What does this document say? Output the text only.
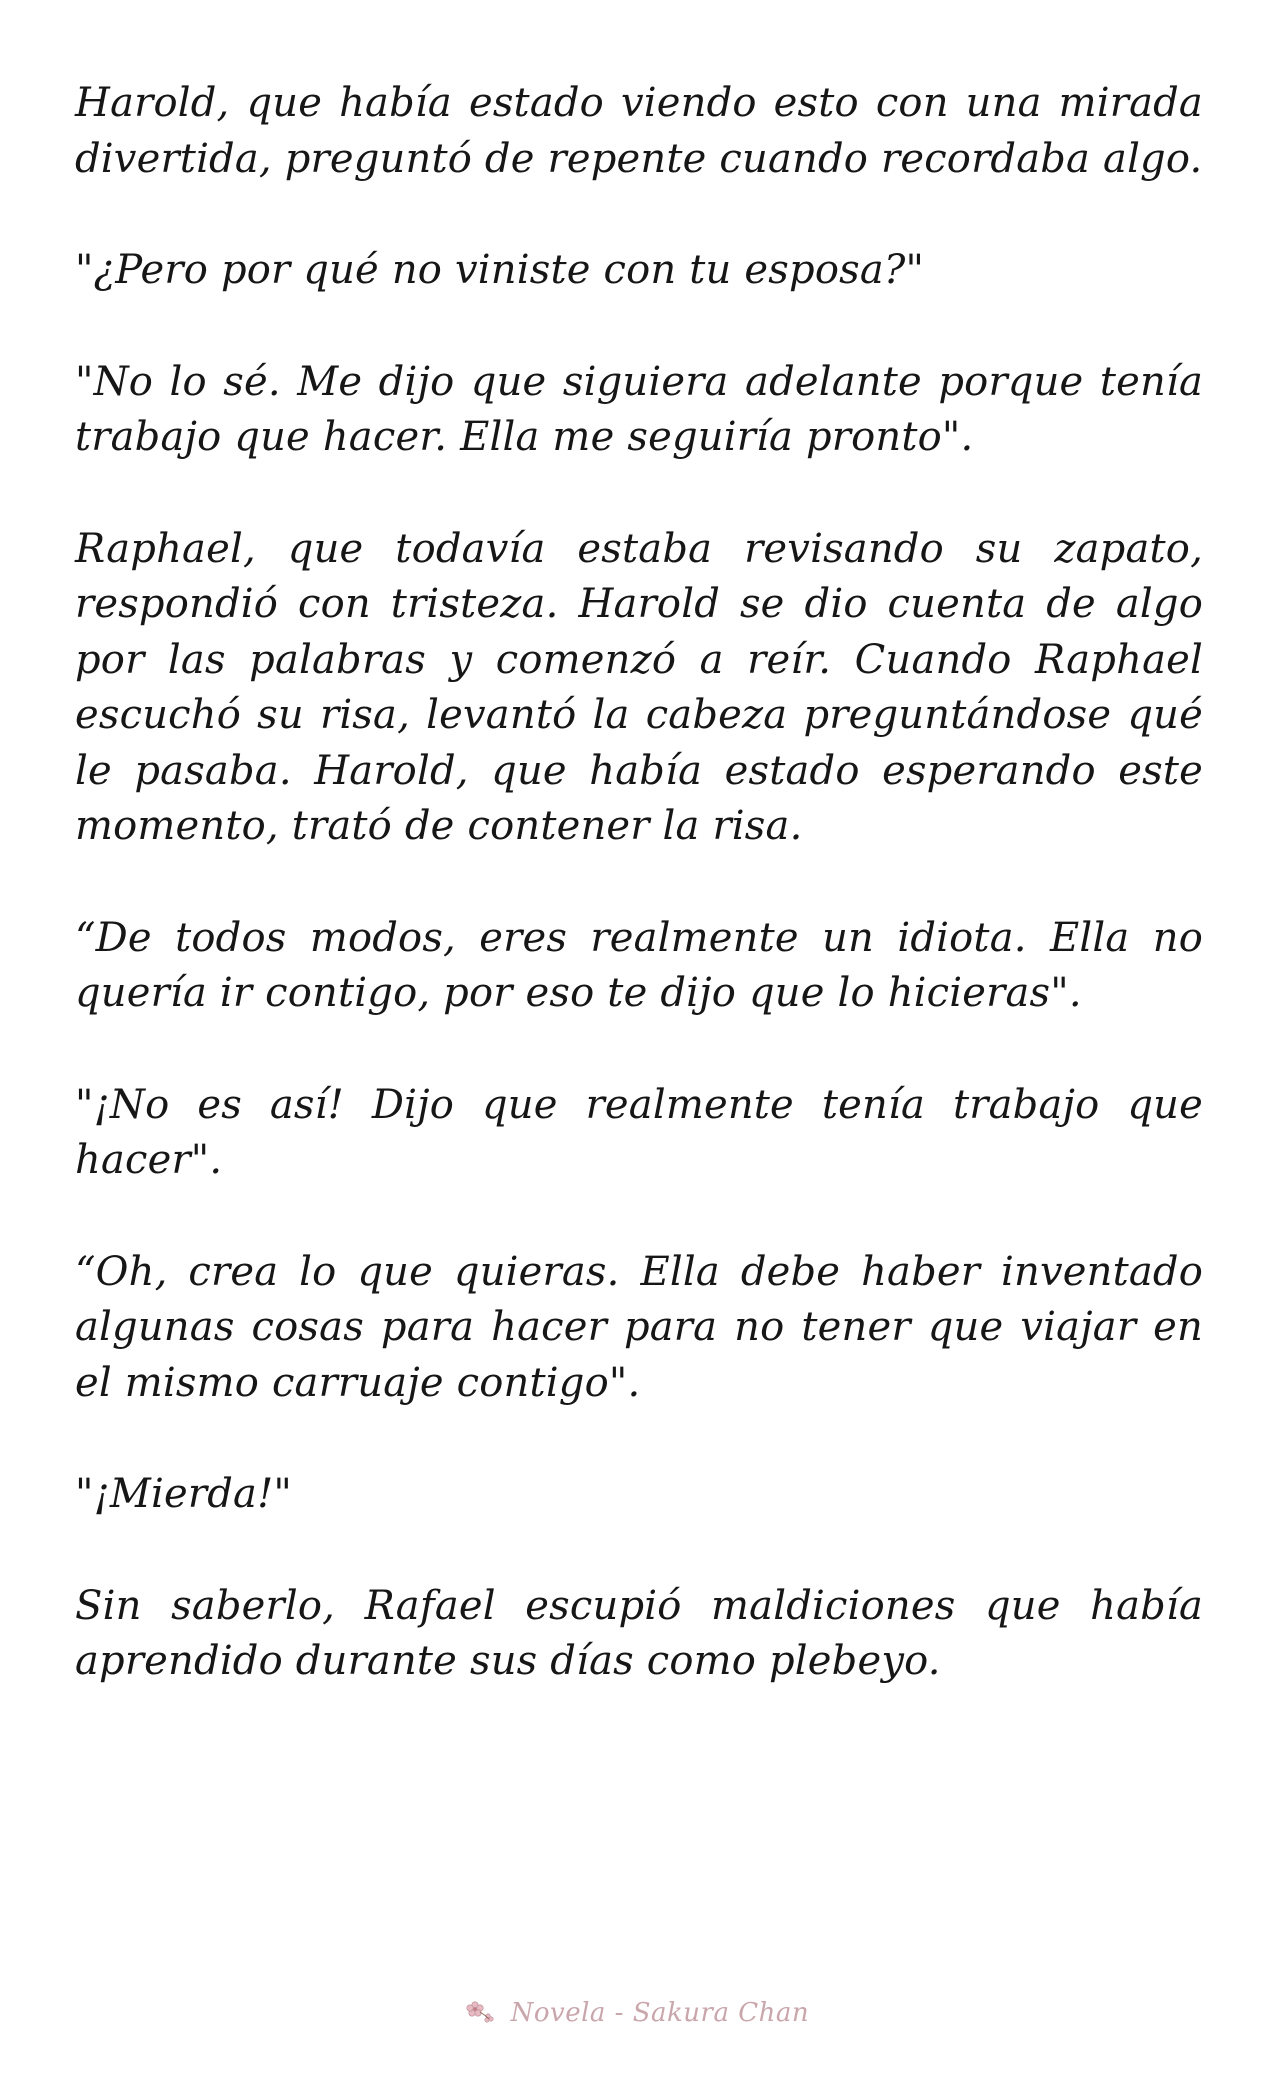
Harold, que había estado viendo esto con una mirada divertida, preguntó de repente cuando recordaba algo.

"¿Pero por qué no viniste con tu esposa?"

"No lo sé. Me dijo que siguiera adelante porque tenía trabajo que hacer. Ella me seguiría pronto".

Raphael, que todavía estaba revisando su zapato, respondió con tristeza. Harold se dio cuenta de algo por las palabras y comenzó a reír. Cuando Raphael escuchó su risa, levantó la cabeza preguntándose qué le pasaba. Harold, que había estado esperando este momento, trató de contener la risa.

“De todos modos, eres realmente un idiota. Ella no quería ir contigo, por eso te dijo que lo hicieras".

"¡No es así! Dijo que realmente tenía trabajo que hacer".

“Oh, crea lo que quieras. Ella debe haber inventado algunas cosas para hacer para no tener que viajar en el mismo carruaje contigo".

"¡Mierda!"

Sin saberlo, Rafael escupió maldiciones que había aprendido durante sus días como plebeyo.

Novela - Sakura Chan
